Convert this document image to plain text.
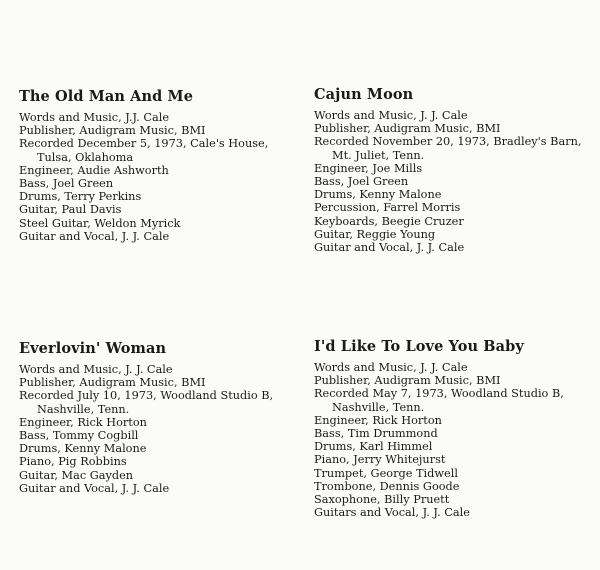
The Old Man And Me
Words and Music, J.J. Cale
Publisher, Audigram Music, BMI
Recorded December 5, 1973, Cale's House,
Tulsa, Oklahoma
Engineer, Audie Ashworth
Bass, Joel Green
Drums, Terry Perkins
Guitar, Paul Davis
Steel Guitar, Weldon Myrick
Guitar and Vocal, J. J. Cale
Cajun Moon
Words and Music, J. J. Cale
Publisher, Audigram Music, BMI
Recorded November 20, 1973, Bradley's Barn,
Mt. Juliet, Tenn.
Engineer, Joe Mills
Bass, Joel Green
Drums, Kenny Malone
Percussion, Farrel Morris
Keyboards, Beegie Cruzer
Guitar, Reggie Young
Guitar and Vocal, J. J. Cale
Everlovin' Woman
Words and Music, J. J. Cale
Publisher, Audigram Music, BMI
Recorded July 10, 1973, Woodland Studio B,
Nashville, Tenn.
Engineer, Rick Horton
Bass, Tommy Cogbill
Drums, Kenny Malone
Piano, Pig Robbins
Guitar, Mac Gayden
Guitar and Vocal, J. J. Cale
I'd Like To Love You Baby
Words and Music, J. J. Cale
Publisher, Audigram Music, BMI
Recorded May 7, 1973, Woodland Studio B,
Nashville, Tenn.
Engineer, Rick Horton
Bass, Tim Drummond
Drums, Karl Himmel
Piano, Jerry Whitejurst
Trumpet, George Tidwell
Trombone, Dennis Goode
Saxophone, Billy Pruett
Guitars and Vocal, J. J. Cale
